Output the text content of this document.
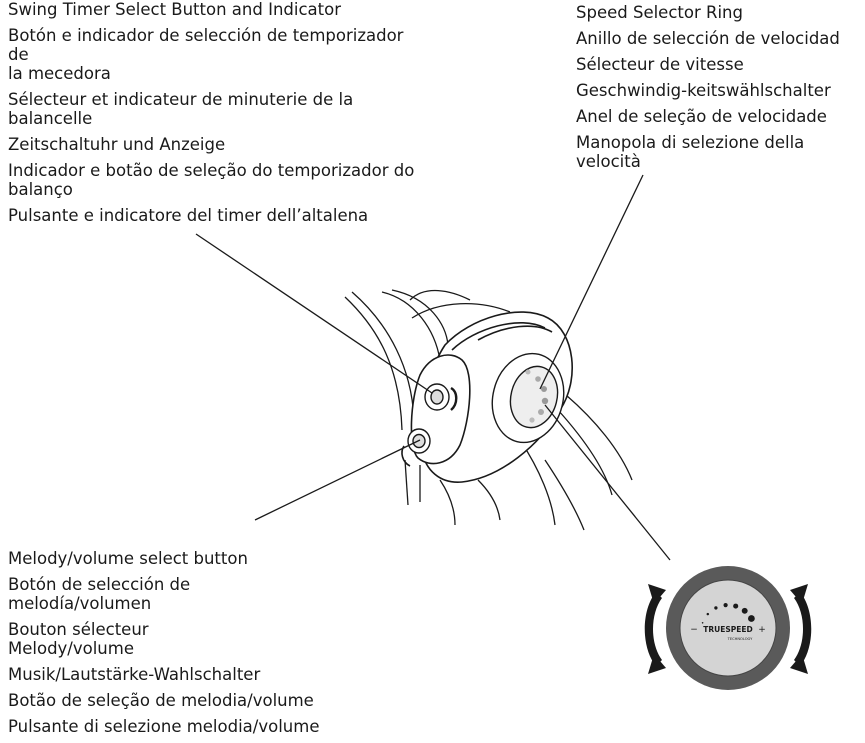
Swing Timer Select Button and Indicator
Botón e indicador de selección de temporizador de
la mecedora
Sélecteur et indicateur de minuterie de la
balancelle
Zeitschaltuhr und Anzeige
Indicador e botão de seleção do temporizador do
balanço
Pulsante e indicatore del timer dell’altalena
Speed Selector Ring
Anillo de selección de velocidad
Sélecteur de vitesse
Geschwindig-keitswählschalter
Anel de seleção de velocidade
Manopola di selezione della velocità
Melody/volume select button
Botón de selección de
melodía/volumen
Bouton sélecteur
Melody/volume
Musik/Lautstärke-Wahlschalter
Botão de seleção de melodia/volume
Pulsante di selezione melodia/volume
− TRUESPEED +
TECHNOLOGY
